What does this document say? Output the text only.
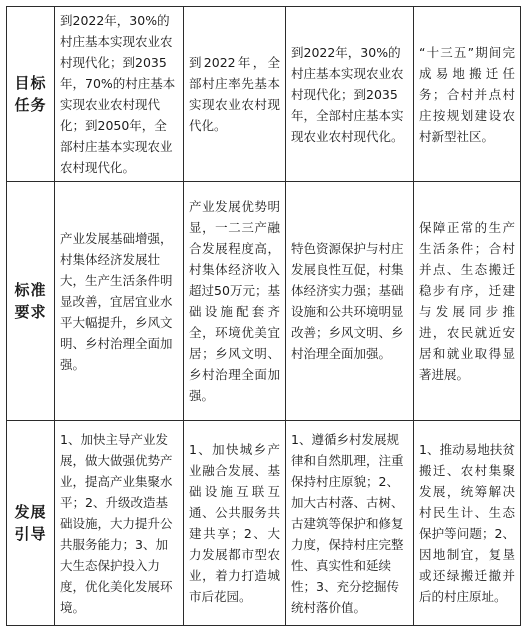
目标
任务	到2022年，30%的村庄基本实现农业农村现代化；到2035年，70%的村庄基本实现农业农村现代化；到2050年，全部村庄基本实现农业农村现代化。	到2022年，全部村庄率先基本实现农业农村现代化。	到2022年，30%的村庄基本实现农业农村现代化；到2035年，全部村庄基本实现农业农村现代化。	“十三五”期间完成易地搬迁任务；合村并点村庄按规划建设农村新型社区。

标准
要求	产业发展基础增强，村集体经济发展壮大，生产生活条件明显改善，宜居宜业水平大幅提升，乡风文明、乡村治理全面加强。	产业发展优势明显，一二三产融合发展程度高，村集体经济收入超过50万元；基础设施配套齐全，环境优美宜居；乡风文明、乡村治理全面加强。	特色资源保护与村庄发展良性互促，村集体经济实力强；基础设施和公共环境明显改善；乡风文明、乡村治理全面加强。	保障正常的生产生活条件；合村并点、生态搬迁稳步有序，迁建与发展同步推进，农民就近安居和就业取得显著进展。

发展
引导	1、加快主导产业发展，做大做强优势产业，提高产业集聚水平；2、升级改造基础设施，大力提升公共服务能力；3、加大生态保护投入力度，优化美化发展环境。	1、加快城乡产业融合发展、基础设施互联互通、公共服务共建共享；2、大力发展都市型农业，着力打造城市后花园。	1、遵循乡村发展规律和自然肌理，注重保持村庄原貌；2、加大古村落、古树、古建筑等保护和修复力度，保持村庄完整性、真实性和延续性；3、充分挖掘传统村落价值。	1、推动易地扶贫搬迁、农村集聚发展，统筹解决村民生计、生态保护等问题；2、因地制宜，复垦或还绿搬迁撤并后的村庄原址。
